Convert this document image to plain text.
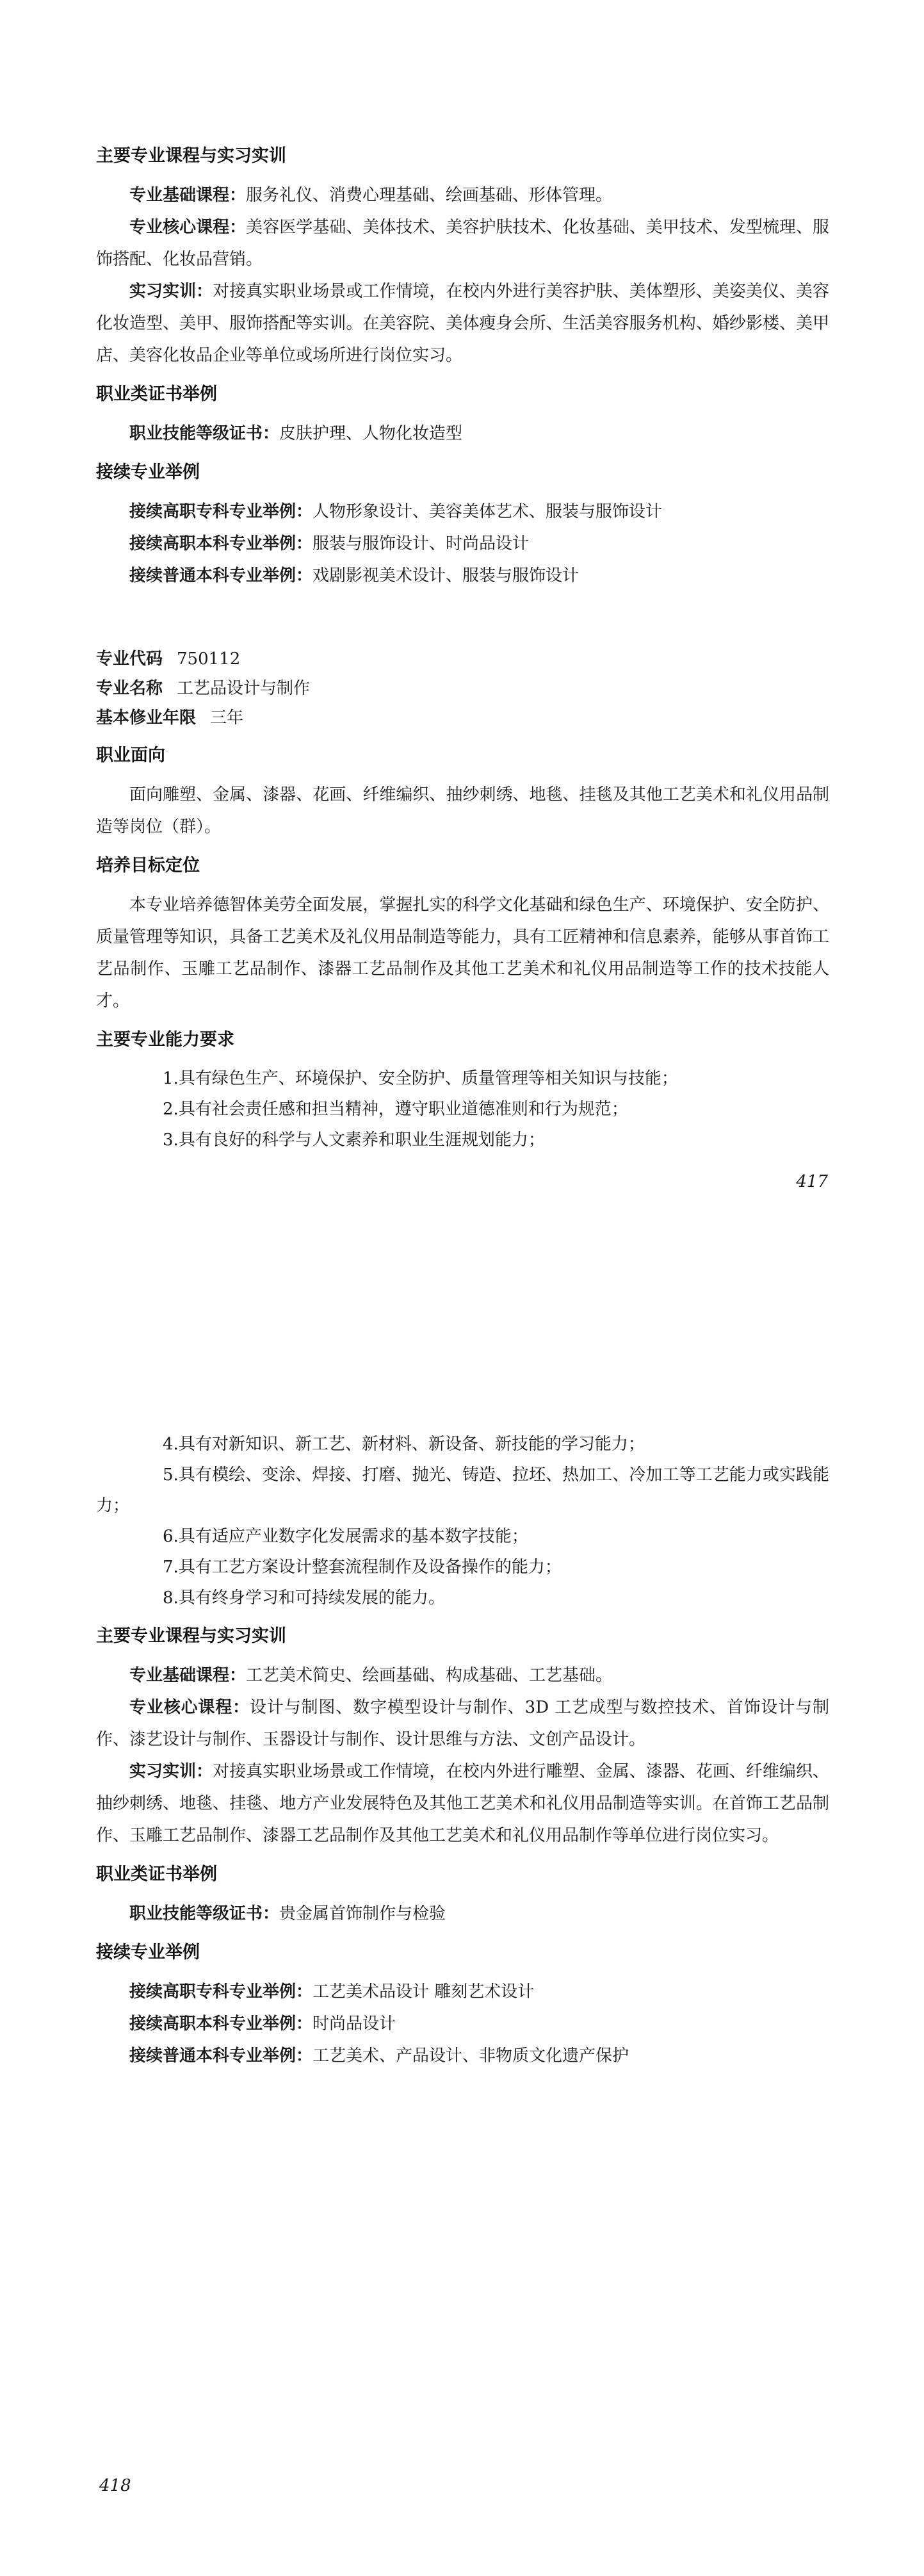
主要专业课程与实习实训

专业基础课程：服务礼仪、消费心理基础、绘画基础、形体管理。

专业核心课程：美容医学基础、美体技术、美容护肤技术、化妆基础、美甲技术、发型梳理、服饰搭配、化妆品营销。

实习实训：对接真实职业场景或工作情境，在校内外进行美容护肤、美体塑形、美姿美仪、美容化妆造型、美甲、服饰搭配等实训。在美容院、美体瘦身会所、生活美容服务机构、婚纱影楼、美甲店、美容化妆品企业等单位或场所进行岗位实习。

职业类证书举例

职业技能等级证书：皮肤护理、人物化妆造型

接续专业举例

接续高职专科专业举例：人物形象设计、美容美体艺术、服装与服饰设计

接续高职本科专业举例：服装与服饰设计、时尚品设计

接续普通本科专业举例：戏剧影视美术设计、服装与服饰设计

专业代码 750112

专业名称 工艺品设计与制作

基本修业年限 三年

职业面向

面向雕塑、金属、漆器、花画、纤维编织、抽纱刺绣、地毯、挂毯及其他工艺美术和礼仪用品制造等岗位（群）。

培养目标定位

本专业培养德智体美劳全面发展，掌握扎实的科学文化基础和绿色生产、环境保护、安全防护、质量管理等知识，具备工艺美术及礼仪用品制造等能力，具有工匠精神和信息素养，能够从事首饰工艺品制作、玉雕工艺品制作、漆器工艺品制作及其他工艺美术和礼仪用品制造等工作的技术技能人才。

主要专业能力要求

1.具有绿色生产、环境保护、安全防护、质量管理等相关知识与技能；

2.具有社会责任感和担当精神，遵守职业道德准则和行为规范；

3.具有良好的科学与人文素养和职业生涯规划能力；

417

4.具有对新知识、新工艺、新材料、新设备、新技能的学习能力；

5.具有模绘、变涂、焊接、打磨、抛光、铸造、拉坯、热加工、冷加工等工艺能力或实践能力；

6.具有适应产业数字化发展需求的基本数字技能；

7.具有工艺方案设计整套流程制作及设备操作的能力；

8.具有终身学习和可持续发展的能力。

主要专业课程与实习实训

专业基础课程：工艺美术简史、绘画基础、构成基础、工艺基础。

专业核心课程：设计与制图、数字模型设计与制作、3D 工艺成型与数控技术、首饰设计与制作、漆艺设计与制作、玉器设计与制作、设计思维与方法、文创产品设计。

实习实训：对接真实职业场景或工作情境，在校内外进行雕塑、金属、漆器、花画、纤维编织、抽纱刺绣、地毯、挂毯、地方产业发展特色及其他工艺美术和礼仪用品制造等实训。在首饰工艺品制作、玉雕工艺品制作、漆器工艺品制作及其他工艺美术和礼仪用品制作等单位进行岗位实习。

职业类证书举例

职业技能等级证书：贵金属首饰制作与检验

接续专业举例

接续高职专科专业举例：工艺美术品设计 雕刻艺术设计

接续高职本科专业举例：时尚品设计

接续普通本科专业举例：工艺美术、产品设计、非物质文化遗产保护

418
